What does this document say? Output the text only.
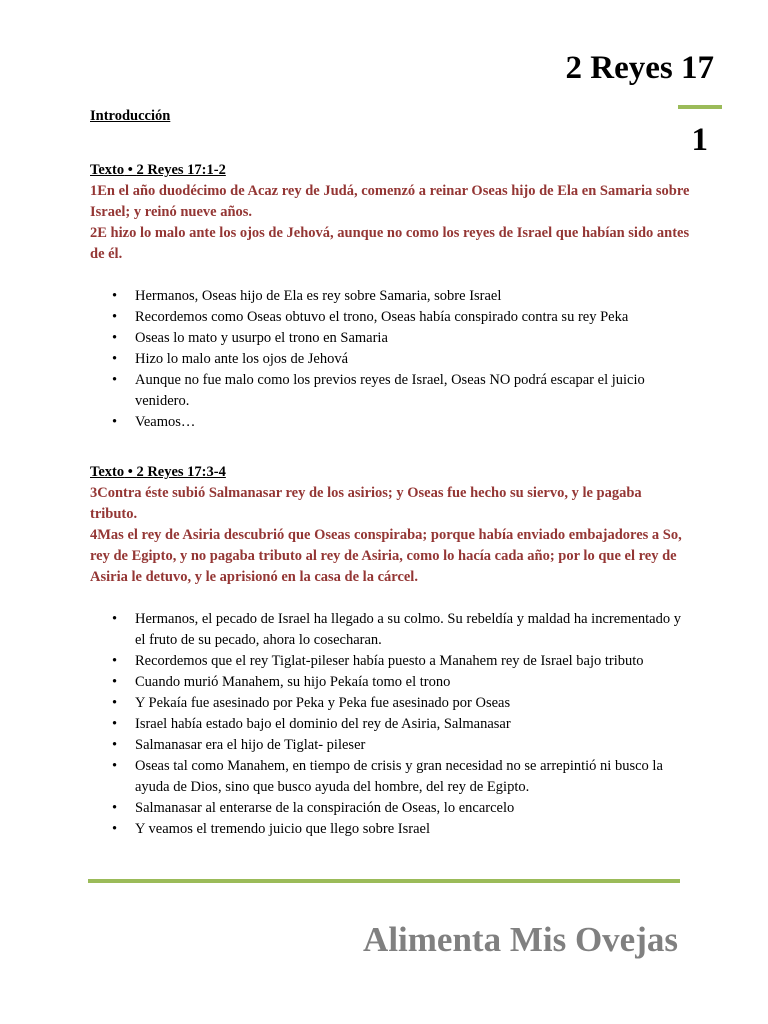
2 Reyes 17
1

Introducción

Texto • 2 Reyes 17:1-2

1En el año duodécimo de Acaz rey de Judá, comenzó a reinar Oseas hijo de Ela en Samaria sobre Israel; y reinó nueve años.

2E hizo lo malo ante los ojos de Jehová, aunque no como los reyes de Israel que habían sido antes de él.

• Hermanos, Oseas hijo de Ela es rey sobre Samaria, sobre Israel
• Recordemos como Oseas obtuvo el trono, Oseas había conspirado contra su rey Peka
• Oseas lo mato y usurpo el trono en Samaria
• Hizo lo malo ante los ojos de Jehová
• Aunque no fue malo como los previos reyes de Israel, Oseas NO podrá escapar el juicio venidero.
• Veamos…

Texto • 2 Reyes 17:3-4

3Contra éste subió Salmanasar rey de los asirios; y Oseas fue hecho su siervo, y le pagaba tributo.

4Mas el rey de Asiria descubrió que Oseas conspiraba; porque había enviado embajadores a So, rey de Egipto, y no pagaba tributo al rey de Asiria, como lo hacía cada año; por lo que el rey de Asiria le detuvo, y le aprisionó en la casa de la cárcel.

• Hermanos, el pecado de Israel ha llegado a su colmo. Su rebeldía y maldad ha incrementado y el fruto de su pecado, ahora lo cosecharan.
• Recordemos que el rey Tiglat-pileser había puesto a Manahem rey de Israel bajo tributo
• Cuando murió Manahem, su hijo Pekaía tomo el trono
• Y Pekaía fue asesinado por Peka y Peka fue asesinado por Oseas
• Israel había estado bajo el dominio del rey de Asiria, Salmanasar
• Salmanasar era el hijo de Tiglat- pileser
• Oseas tal como Manahem, en tiempo de crisis y gran necesidad no se arrepintió ni busco la ayuda de Dios, sino que busco ayuda del hombre, del rey de Egipto.
• Salmanasar al enterarse de la conspiración de Oseas, lo encarcelo
• Y veamos el tremendo juicio que llego sobre Israel
Alimenta Mis Ovejas
